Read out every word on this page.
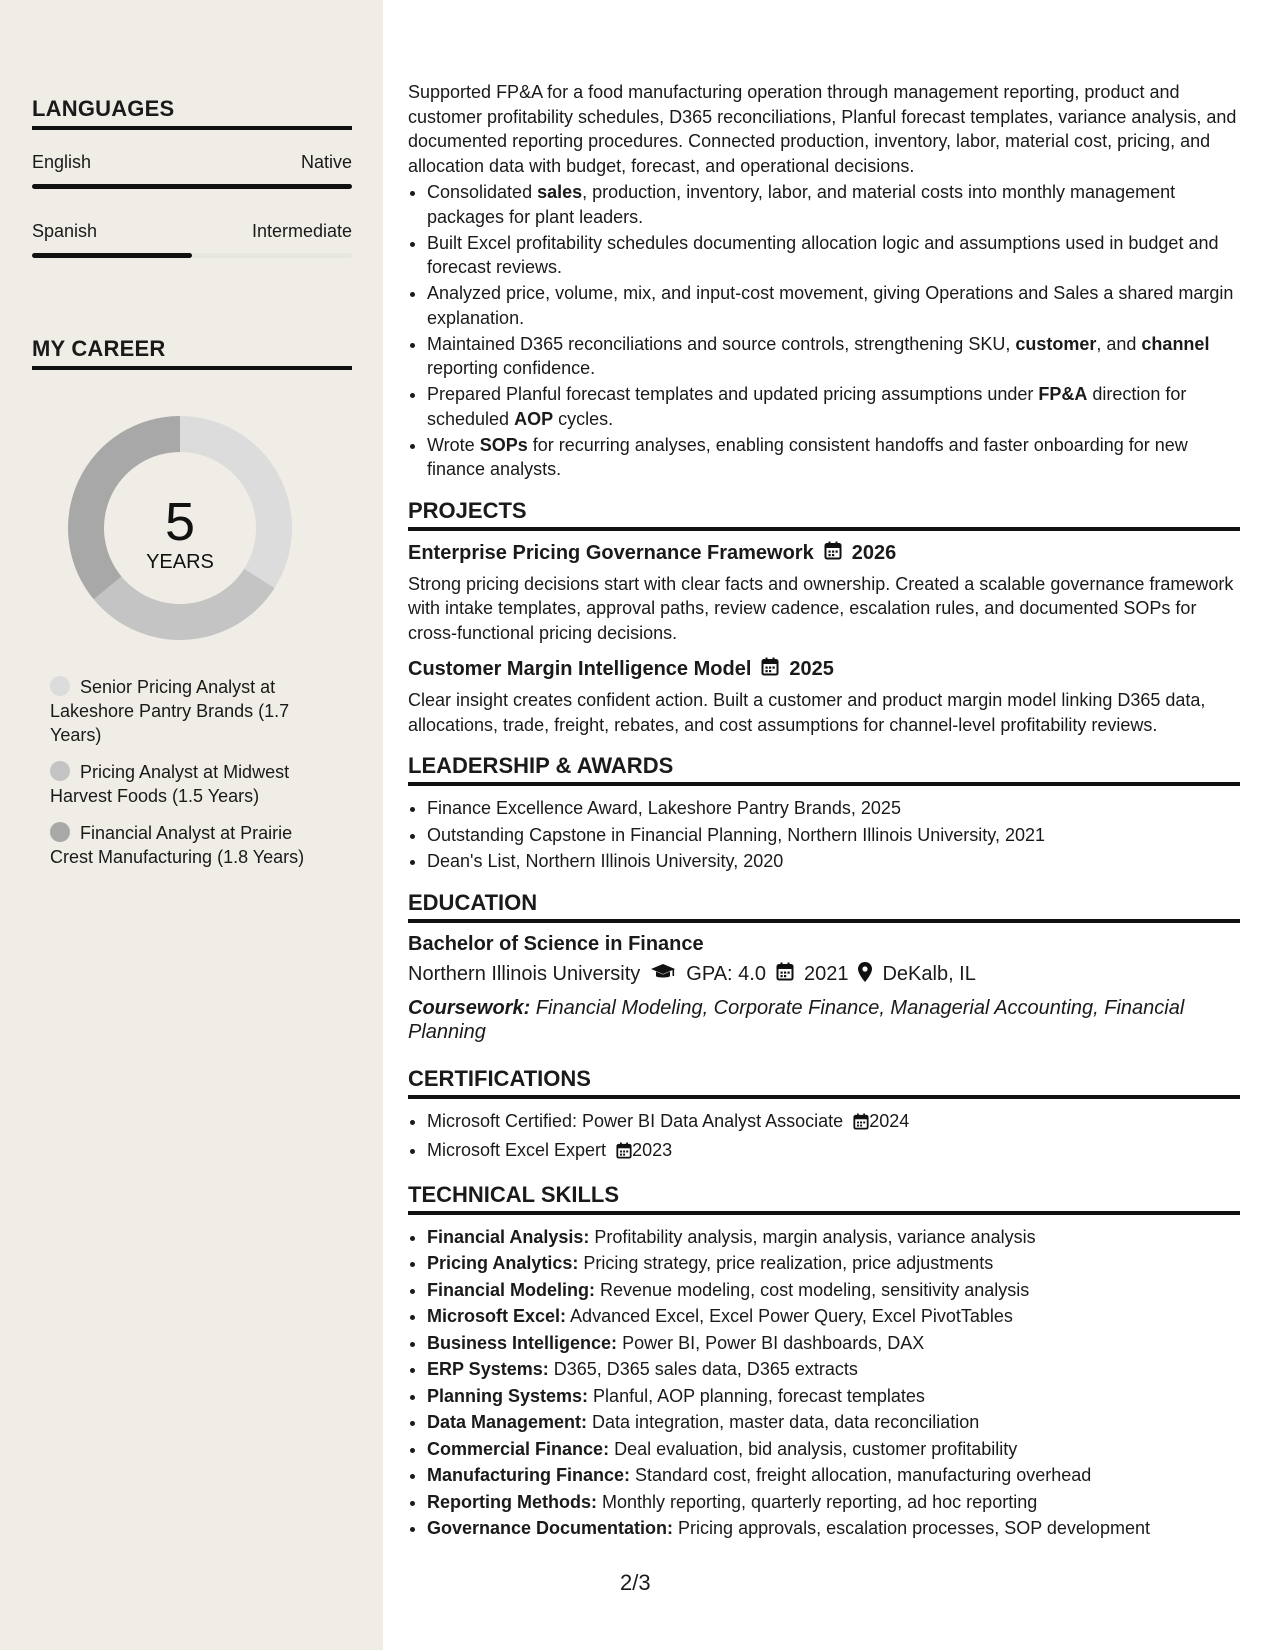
LANGUAGES
English	Native
Spanish	Intermediate
MY CAREER
5
YEARS
Senior Pricing Analyst at Lakeshore Pantry Brands (1.7 Years)
Pricing Analyst at Midwest Harvest Foods (1.5 Years)
Financial Analyst at Prairie Crest Manufacturing (1.8 Years)

Supported FP&A for a food manufacturing operation through management reporting, product and customer profitability schedules, D365 reconciliations, Planful forecast templates, variance analysis, and documented reporting procedures. Connected production, inventory, labor, material cost, pricing, and allocation data with budget, forecast, and operational decisions.

• Consolidated sales, production, inventory, labor, and material costs into monthly management packages for plant leaders.
• Built Excel profitability schedules documenting allocation logic and assumptions used in budget and forecast reviews.
• Analyzed price, volume, mix, and input-cost movement, giving Operations and Sales a shared margin explanation.
• Maintained D365 reconciliations and source controls, strengthening SKU, customer, and channel reporting confidence.
• Prepared Planful forecast templates and updated pricing assumptions under FP&A direction for scheduled AOP cycles.
• Wrote SOPs for recurring analyses, enabling consistent handoffs and faster onboarding for new finance analysts.
PROJECTS
Enterprise Pricing Governance Framework 2026
Strong pricing decisions start with clear facts and ownership. Created a scalable governance framework with intake templates, approval paths, review cadence, escalation rules, and documented SOPs for cross-functional pricing decisions.
Customer Margin Intelligence Model 2025
Clear insight creates confident action. Built a customer and product margin model linking D365 data, allocations, trade, freight, rebates, and cost assumptions for channel-level profitability reviews.
LEADERSHIP & AWARDS
• Finance Excellence Award, Lakeshore Pantry Brands, 2025
• Outstanding Capstone in Financial Planning, Northern Illinois University, 2021
• Dean's List, Northern Illinois University, 2020
EDUCATION
Bachelor of Science in Finance
Northern Illinois University GPA: 4.0 2021 DeKalb, IL
Coursework: Financial Modeling, Corporate Finance, Managerial Accounting, Financial Planning
CERTIFICATIONS
• Microsoft Certified: Power BI Data Analyst Associate 2024
• Microsoft Excel Expert 2023
TECHNICAL SKILLS
• Financial Analysis: Profitability analysis, margin analysis, variance analysis
• Pricing Analytics: Pricing strategy, price realization, price adjustments
• Financial Modeling: Revenue modeling, cost modeling, sensitivity analysis
• Microsoft Excel: Advanced Excel, Excel Power Query, Excel PivotTables
• Business Intelligence: Power BI, Power BI dashboards, DAX
• ERP Systems: D365, D365 sales data, D365 extracts
• Planning Systems: Planful, AOP planning, forecast templates
• Data Management: Data integration, master data, data reconciliation
• Commercial Finance: Deal evaluation, bid analysis, customer profitability
• Manufacturing Finance: Standard cost, freight allocation, manufacturing overhead
• Reporting Methods: Monthly reporting, quarterly reporting, ad hoc reporting
• Governance Documentation: Pricing approvals, escalation processes, SOP development
2/3
